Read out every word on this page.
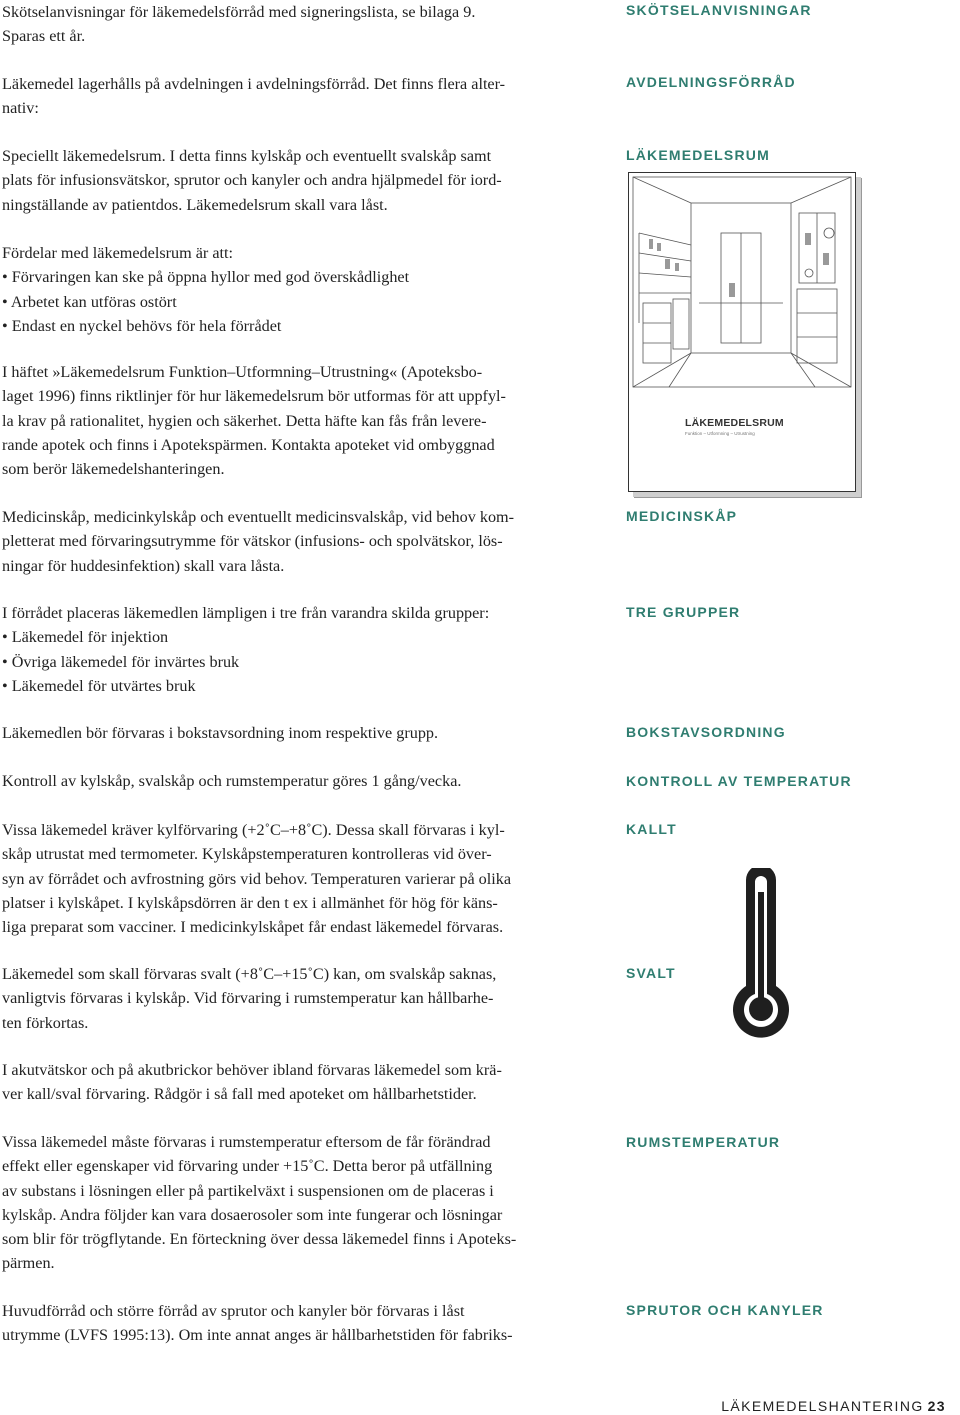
Skötselanvisningar för läkemedelsförråd med signeringslista, se bilaga 9.
Sparas ett år.
Läkemedel lagerhålls på avdelningen i avdelningsförråd. Det finns flera alter-
nativ:
Speciellt läkemedelsrum. I detta finns kylskåp och eventuellt svalskåp samt
plats för infusionsvätskor, sprutor och kanyler och andra hjälpmedel för iord-
ningställande av patientdos. Läkemedelsrum skall vara låst.
Fördelar med läkemedelsrum är att:
• Förvaringen kan ske på öppna hyllor med god överskådlighet
• Arbetet kan utföras ostört
• Endast en nyckel behövs för hela förrådet
I häftet »Läkemedelsrum Funktion–Utformning–Utrustning« (Apoteksbo-
laget 1996) finns riktlinjer för hur läkemedelsrum bör utformas för att uppfyl-
la krav på rationalitet, hygien och säkerhet. Detta häfte kan fås från levere-
rande apotek och finns i Apotekspärmen. Kontakta apoteket vid ombyggnad
som berör läkemedelshanteringen.
Medicinskåp, medicinkylskåp och eventuellt medicinsvalskåp, vid behov kom-
pletterat med förvaringsutrymme för vätskor (infusions- och spolvätskor, lös-
ningar för huddesinfektion) skall vara låsta.
I förrådet placeras läkemedlen lämpligen i tre från varandra skilda grupper:
• Läkemedel för injektion
• Övriga läkemedel för invärtes bruk
• Läkemedel för utvärtes bruk
Läkemedlen bör förvaras i bokstavsordning inom respektive grupp.
Kontroll av kylskåp, svalskåp och rumstemperatur göres 1 gång/vecka.
Vissa läkemedel kräver kylförvaring (+2˚C–+8˚C). Dessa skall förvaras i kyl-
skåp utrustat med termometer. Kylskåpstemperaturen kontrolleras vid över-
syn av förrådet och avfrostning görs vid behov. Temperaturen varierar på olika
platser i kylskåpet. I kylskåpsdörren är den t ex i allmänhet för hög för käns-
liga preparat som vacciner. I medicinkylskåpet får endast läkemedel förvaras.
Läkemedel som skall förvaras svalt (+8˚C–+15˚C) kan, om svalskåp saknas,
vanligtvis förvaras i kylskåp. Vid förvaring i rumstemperatur kan hållbarhe-
ten förkortas.
I akutvätskor och på akutbrickor behöver ibland förvaras läkemedel som krä-
ver kall/sval förvaring. Rådgör i så fall med apoteket om hållbarhetstider.
Vissa läkemedel måste förvaras i rumstemperatur eftersom de får förändrad
effekt eller egenskaper vid förvaring under +15˚C. Detta beror på utfällning
av substans i lösningen eller på partikelväxt i suspensionen om de placeras i
kylskåp. Andra följder kan vara dosaerosoler som inte fungerar och lösningar
som blir för trögflytande. En förteckning över dessa läkemedel finns i Apoteks-
pärmen.
Huvudförråd och större förråd av sprutor och kanyler bör förvaras i låst
utrymme (LVFS 1995:13). Om inte annat anges är hållbarhetstiden för fabriks-
SKÖTSELANVISNINGAR
AVDELNINGSFÖRRÅD
LÄKEMEDELSRUM
MEDICINSKÅP
TRE GRUPPER
BOKSTAVSORDNING
KONTROLL AV TEMPERATUR
KALLT
SVALT
RUMSTEMPERATUR
SPRUTOR OCH KANYLER
LÄKEMEDELSRUM
Funktion – Utformning – Utrustning
LÄKEMEDELSHANTERING 23
